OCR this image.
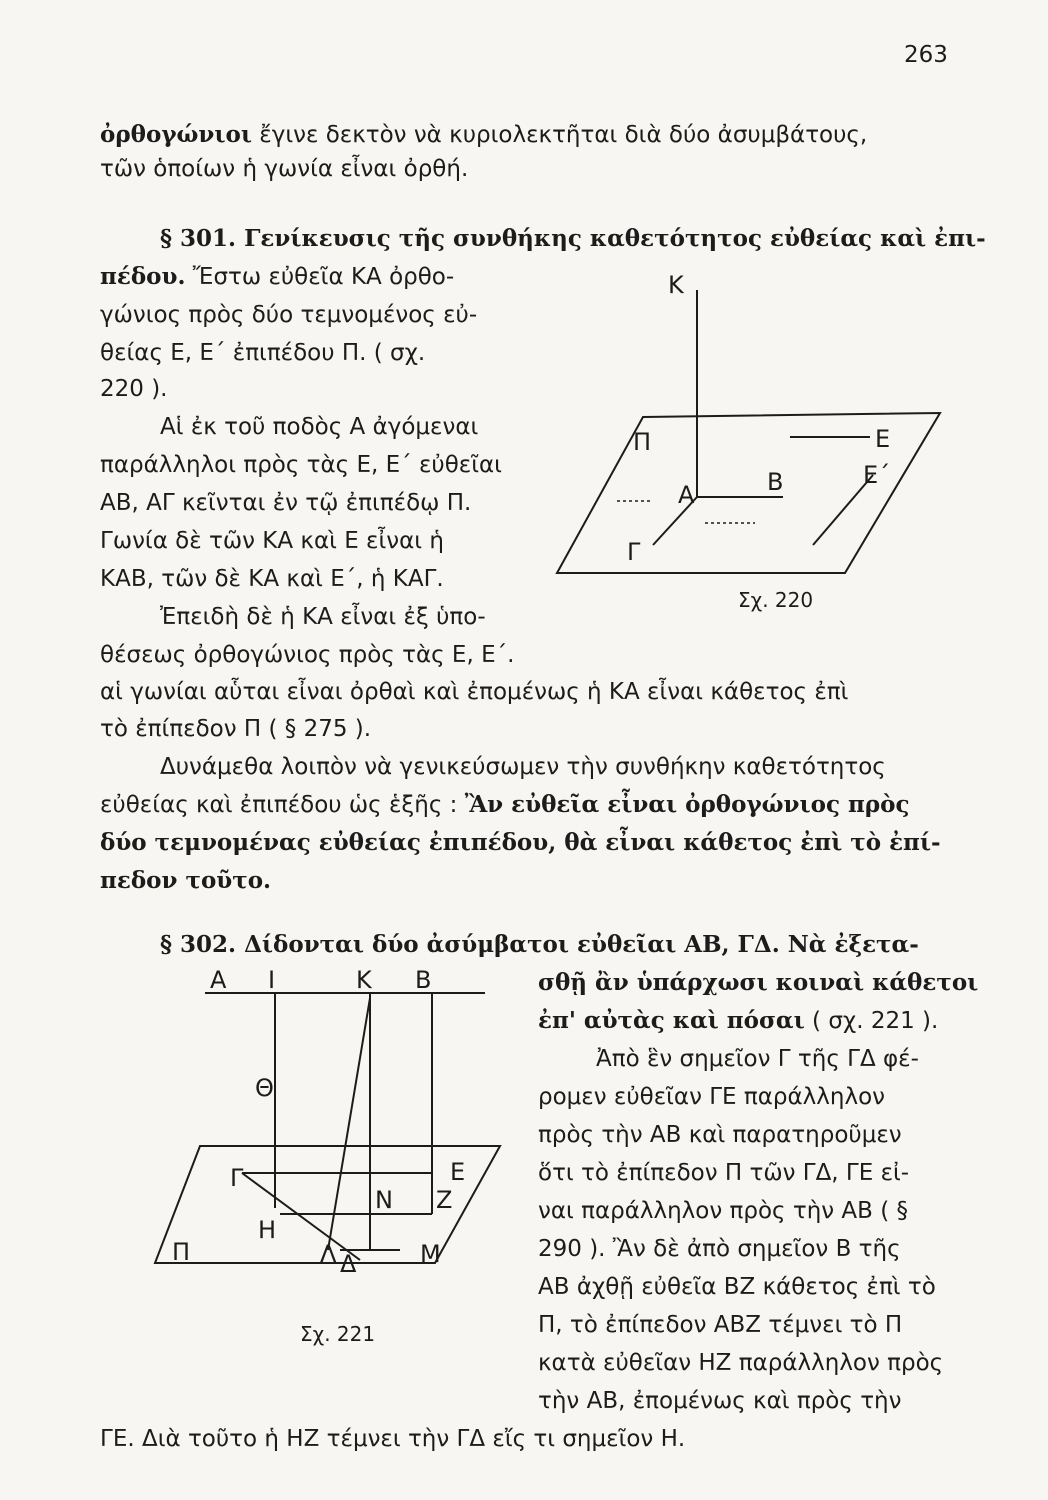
263
ὀρθογώνιοι ἔγινε δεκτὸν νὰ κυριολεκτῆται διὰ δύο ἀσυμβάτους,
τῶν ὁποίων ἡ γωνία εἶναι ὀρθή.
§ 301. Γενίκευσις τῆς συνθήκης καθετότητος εὐθείας καὶ ἐπι-
πέδου. Ἔστω εὐθεῖα ΚΑ ὀρθο-
γώνιος πρὸς δύο τεμνομένος εὐ-
θείας Ε, Ε΄ ἐπιπέδου Π. ( σχ.
220 ).
Αἱ ἐκ τοῦ ποδὸς Α ἀγόμεναι
παράλληλοι πρὸς τὰς Ε, Ε΄ εὐθεῖαι
ΑΒ, ΑΓ κεῖνται ἐν τῷ ἐπιπέδῳ Π.
Γωνία δὲ τῶν ΚΑ καὶ Ε εἶναι ἡ
ΚΑΒ, τῶν δὲ ΚΑ καὶ Ε΄, ἡ ΚΑΓ.
Ἐπειδὴ δὲ ἡ ΚΑ εἶναι ἐξ ὑπο-
θέσεως ὀρθογώνιος πρὸς τὰς Ε, Ε΄.
αἱ γωνίαι αὗται εἶναι ὀρθαὶ καὶ ἐπομένως ἡ ΚΑ εἶναι κάθετος ἐπὶ
τὸ ἐπίπεδον Π ( § 275 ).
Δυνάμεθα λοιπὸν νὰ γενικεύσωμεν τὴν συνθήκην καθετότητος
εὐθείας καὶ ἐπιπέδου ὡς ἑξῆς : Ἂν εὐθεῖα εἶναι ὀρθογώνιος πρὸς
δύο τεμνομένας εὐθείας ἐπιπέδου, θὰ εἶναι κάθετος ἐπὶ τὸ ἐπί-
πεδον τοῦτο.
§ 302. Δίδονται δύο ἀσύμβατοι εὐθεῖαι ΑΒ, ΓΔ. Νὰ ἐξετα-
σθῇ ἂν ὑπάρχωσι κοιναὶ κάθετοι
ἐπ' αὐτὰς καὶ πόσαι ( σχ. 221 ).
Ἀπὸ ἓν σημεῖον Γ τῆς ΓΔ φέ-
ρομεν εὐθεῖαν ΓΕ παράλληλον
πρὸς τὴν ΑΒ καὶ παρατηροῦμεν
ὅτι τὸ ἐπίπεδον Π τῶν ΓΔ, ΓΕ εἰ-
ναι παράλληλον πρὸς τὴν ΑΒ ( §
290 ). Ἂν δὲ ἀπὸ σημεῖον Β τῆς
ΑΒ ἀχθῇ εὐθεῖα ΒΖ κάθετος ἐπὶ τὸ
Π, τὸ ἐπίπεδον ΑΒΖ τέμνει τὸ Π
κατὰ εὐθεῖαν ΗΖ παράλληλον πρὸς
τὴν ΑΒ, ἐπομένως καὶ πρὸς τὴν
ΓΕ. Διὰ τοῦτο ἡ ΗΖ τέμνει τὴν ΓΔ εἴς τι σημεῖον Η.
Κ
Π	Ε
Ε΄
Α	Β
Γ
Σχ. 220
Α Ι	Κ Β
Θ
Γ	Ε
Ν Ζ
Η
Λ Δ	Μ
Π
Σχ. 221
